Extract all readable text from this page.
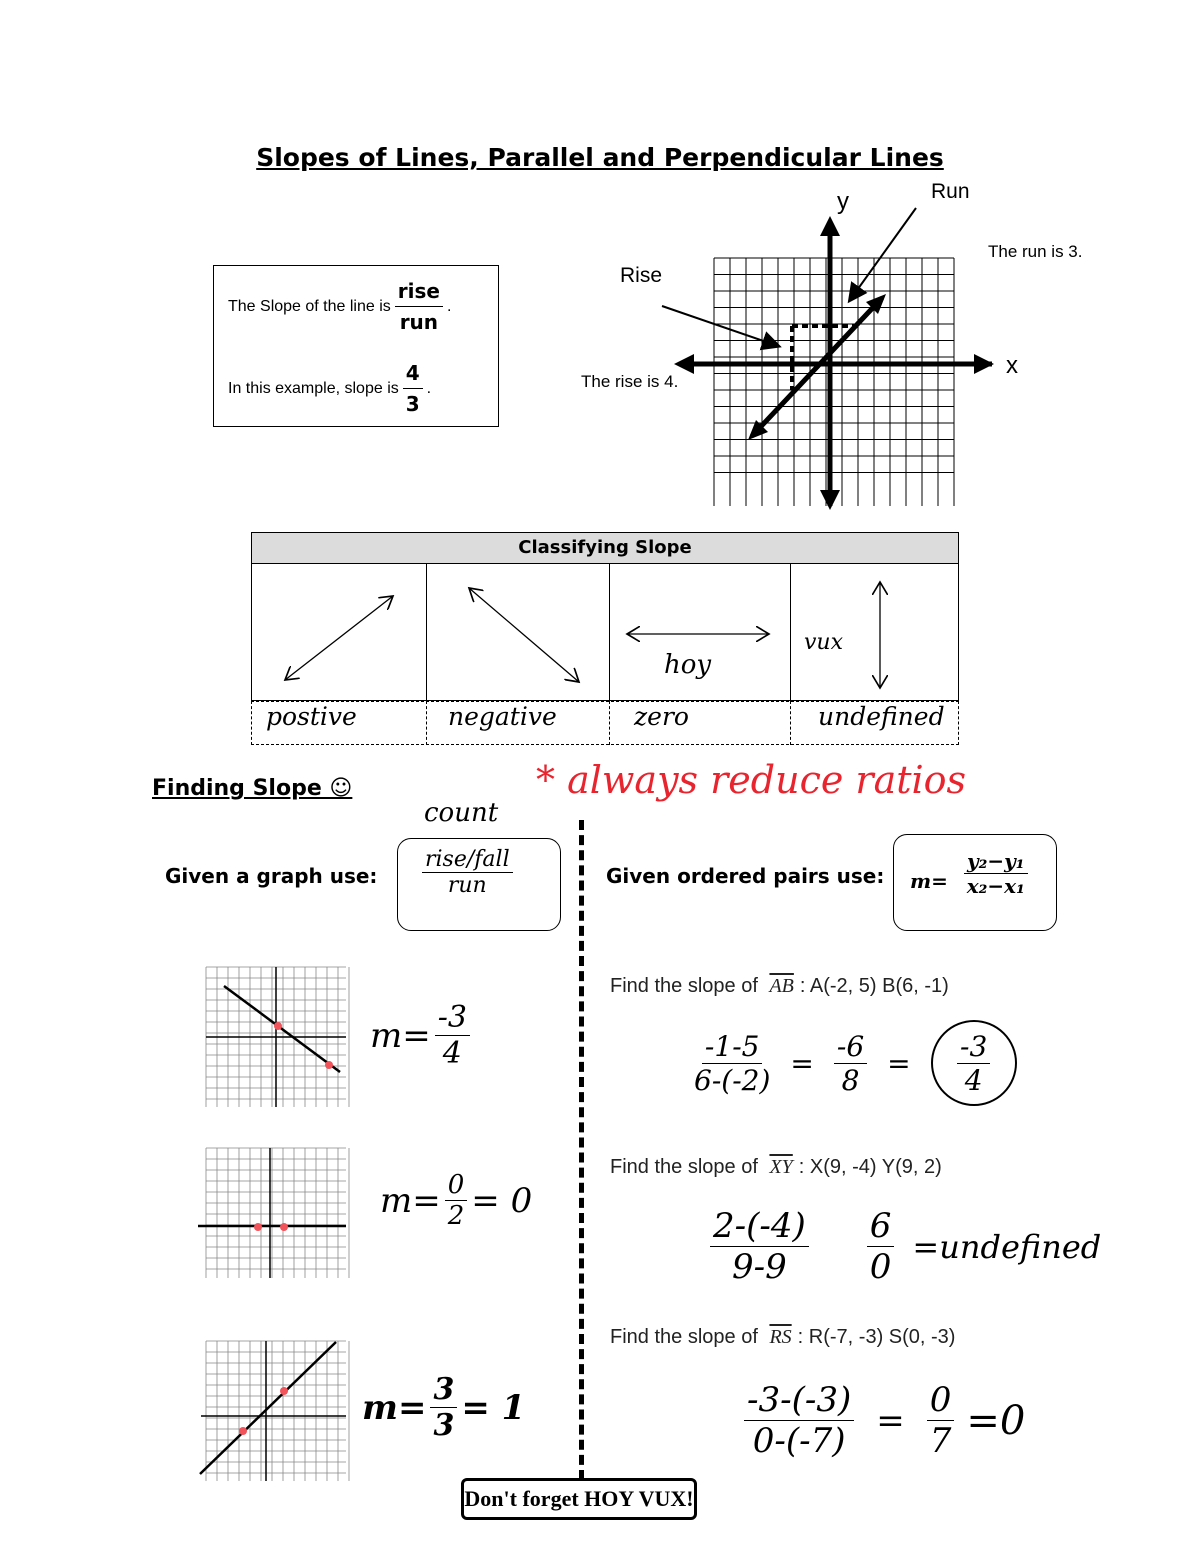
Slopes of Lines, Parallel and Perpendicular Lines
The Slope of the line is $\frac{\text{rise}}{\text{run}}$ .
In this example, slope is $\frac{4}{3}$ .
y
x
Run
Rise
The run is 3.
The rise is 4.
Classifying Slope
hoy
vux
postive	negative	zero	undefined
Finding Slope ☺	* always reduce ratios
Given a graph use:
count
rise/fall
run	Given ordered pairs use: $m= \frac{\text{y₂−y₁}}{\text{x₂−x₁}}$
$m= \frac{-3}{4}$
$m= \frac{0}{2} = 0$
$m= \frac{3}{3} = 1$
Find the slope of $\overline{AB}$ : A(-2, 5) B(6, -1)
$\frac{-1-5}{6-(-2)} = \frac{-6}{8} = \frac{-3}{4}$
Find the slope of $\overline{XY}$ : X(9, -4) Y(9, 2)
$\frac{2-(-4)}{9-9} \frac{6}{0}$ =undefined
Find the slope of $\overline{RS}$ : R(-7, -3) S(0, -3)
$\frac{-3-(-3)}{0-(-7)} = \frac{0}{7} =0$
Don't forget HOY VUX!
